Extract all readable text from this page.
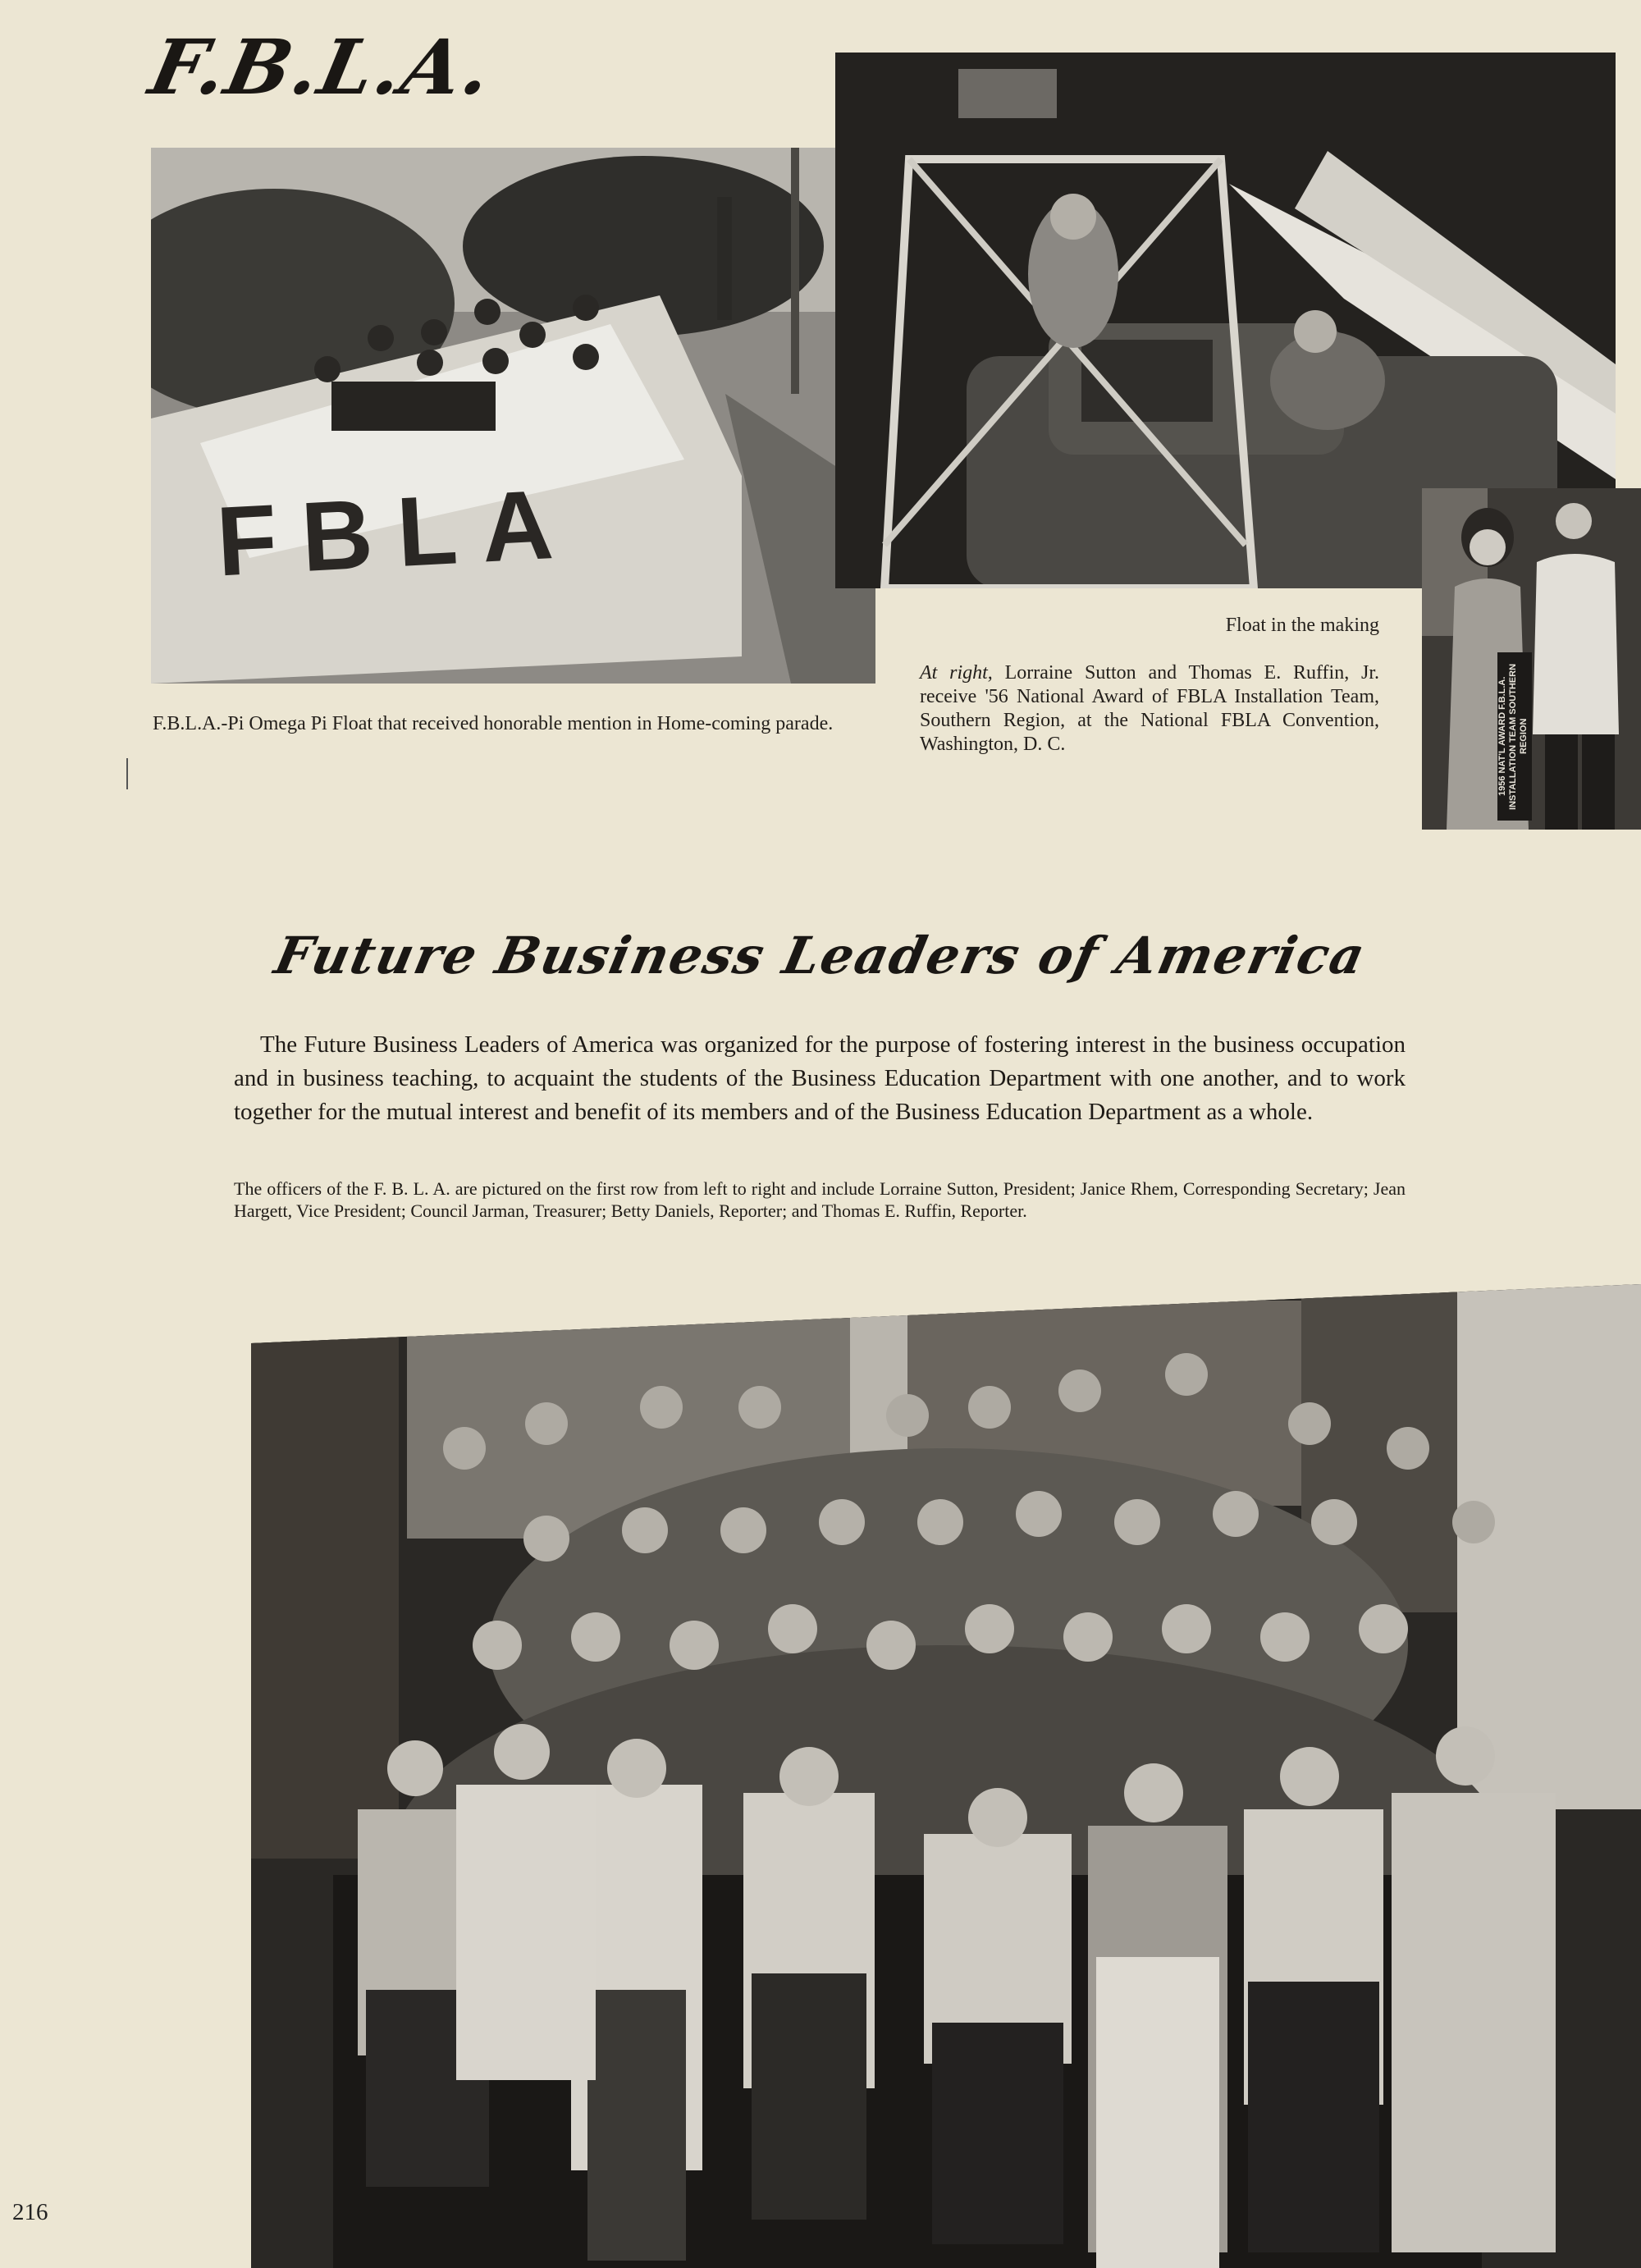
F.B.L.A.
FBLA
1956 NAT'L AWARD F.B.L.A. INSTALLATION TEAM SOUTHERN REGION
F.B.L.A.-Pi Omega Pi Float that received honorable mention in Home-coming parade.
Float in the making
At right, Lorraine Sutton and Thomas E. Ruffin, Jr. receive '56 National Award of FBLA Installation Team, Southern Region, at the National FBLA Convention, Washington, D. C.
Future Business Leaders of America
The Future Business Leaders of America was organized for the purpose of fostering interest in the business occupation and in business teaching, to acquaint the students of the Business Education Department with one another, and to work together for the mutual interest and benefit of its members and of the Business Education Department as a whole.
The officers of the F. B. L. A. are pictured on the first row from left to right and include Lorraine Sutton, President; Janice Rhem, Corresponding Secretary; Jean Hargett, Vice President; Council Jarman, Treasurer; Betty Daniels, Reporter; and Thomas E. Ruffin, Reporter.
216
